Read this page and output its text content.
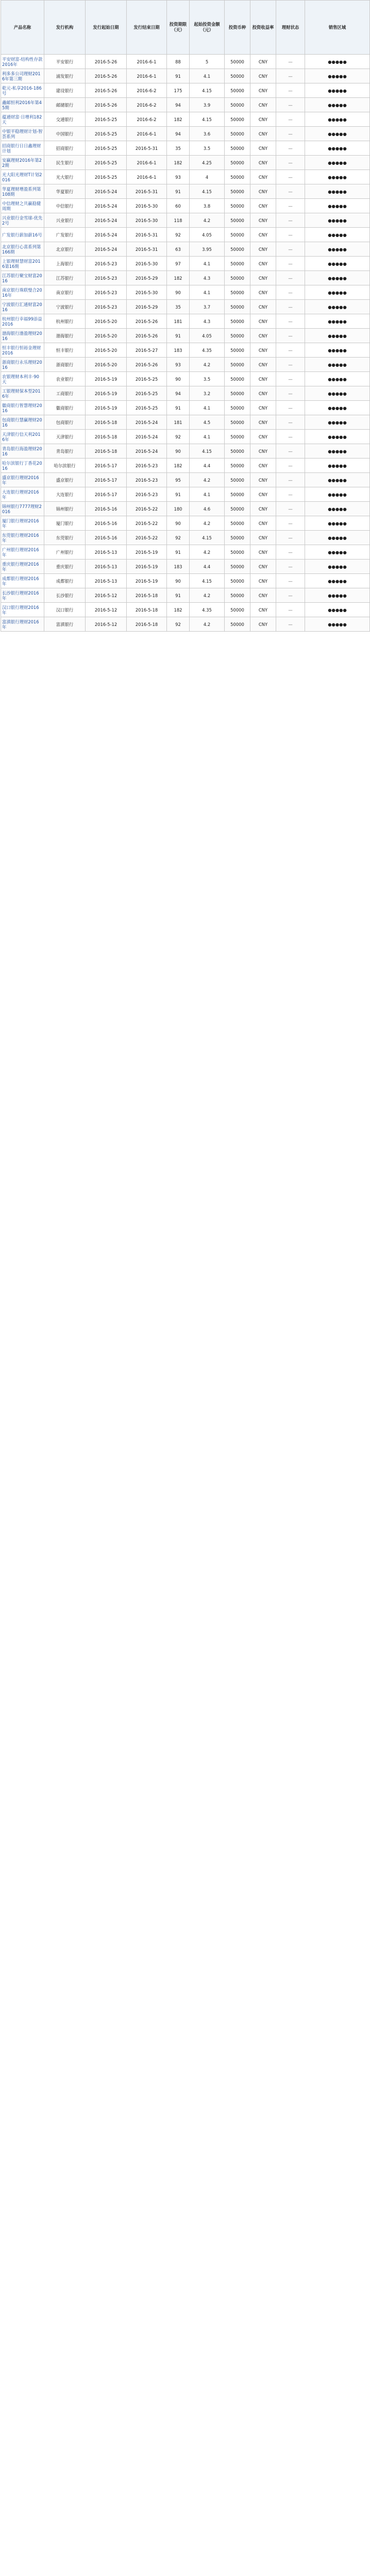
产品名称	发行机构	发行起始日期	发行结束日期	投资期限（天）	起始投资金额（元）	投资币种	投资收益率	理财状态	销售区域
平安财富-结构性存款2016年	平安银行	2016-5-26	2016-6-1	88	5	50000	CNY	—	●●●●●
利多多公司理财2016年第三期	浦发银行	2016-5-26	2016-6-1	91	4.1	50000	CNY	—	●●●●●
乾元-私享2016-186号	建设银行	2016-5-26	2016-6-2	175	4.15	50000	CNY	—	●●●●●
鑫邮恒利2016年第45期	邮储银行	2016-5-26	2016-6-2	94	3.9	50000	CNY	—	●●●●●
蕴通财富·日增利182天	交通银行	2016-5-25	2016-6-2	182	4.15	50000	CNY	—	●●●●●
中银平稳理财计划-智荟系列	中国银行	2016-5-25	2016-6-1	94	3.6	50000	CNY	—	●●●●●
招商银行日日鑫理财计划	招商银行	2016-5-25	2016-5-31	35	3.5	50000	CNY	—	●●●●●
安赢理财2016年第22期	民生银行	2016-5-25	2016-6-1	182	4.25	50000	CNY	—	●●●●●
光大阳光理财T计划2016	光大银行	2016-5-25	2016-6-1	93	4	50000	CNY	—	●●●●●
华夏理财增盈系列第108期	华夏银行	2016-5-24	2016-5-31	91	4.15	50000	CNY	—	●●●●●
中信理财之共赢稳健周期	中信银行	2016-5-24	2016-5-30	60	3.8	50000	CNY	—	●●●●●
兴业银行金雪球-优先2号	兴业银行	2016-5-24	2016-5-30	118	4.2	50000	CNY	—	●●●●●
广发银行薪加薪16号	广发银行	2016-5-24	2016-5-31	92	4.05	50000	CNY	—	●●●●●
北京银行心喜系列第166期	北京银行	2016-5-24	2016-5-31	63	3.95	50000	CNY	—	●●●●●
上银理财慧财富2016第16期	上海银行	2016-5-23	2016-5-30	97	4.1	50000	CNY	—	●●●●●
江苏银行聚宝财富2016	江苏银行	2016-5-23	2016-5-29	182	4.3	50000	CNY	—	●●●●●
南京银行珠联璧合2016年	南京银行	2016-5-23	2016-5-30	90	4.1	50000	CNY	—	●●●●●
宁波银行汇通财富2016	宁波银行	2016-5-23	2016-5-29	35	3.7	50000	CNY	—	●●●●●
杭州银行幸福99添益2016	杭州银行	2016-5-20	2016-5-26	181	4.3	50000	CNY	—	●●●●●
渤海银行渤盈理财2016	渤海银行	2016-5-20	2016-5-26	91	4.05	50000	CNY	—	●●●●●
恒丰银行恒裕金理财2016	恒丰银行	2016-5-20	2016-5-27	183	4.35	50000	CNY	—	●●●●●
浙商银行永乐理财2016	浙商银行	2016-5-20	2016-5-26	93	4.2	50000	CNY	—	●●●●●
农银理财本利丰·90天	农业银行	2016-5-19	2016-5-25	90	3.5	50000	CNY	—	●●●●●
工银理财保本型2016年	工商银行	2016-5-19	2016-5-25	94	3.2	50000	CNY	—	●●●●●
徽商银行智慧理财2016	徽商银行	2016-5-19	2016-5-25	91	4.1	50000	CNY	—	●●●●●
包商银行慧赢理财2016	包商银行	2016-5-18	2016-5-24	181	4.5	50000	CNY	—	●●●●●
天津银行信天利2016年	天津银行	2016-5-18	2016-5-24	92	4.1	50000	CNY	—	●●●●●
青岛银行海盈理财2016	青岛银行	2016-5-18	2016-5-24	90	4.15	50000	CNY	—	●●●●●
哈尔滨银行丁香花2016	哈尔滨银行	2016-5-17	2016-5-23	182	4.4	50000	CNY	—	●●●●●
盛京银行理财2016年	盛京银行	2016-5-17	2016-5-23	95	4.2	50000	CNY	—	●●●●●
大连银行理财2016年	大连银行	2016-5-17	2016-5-23	91	4.1	50000	CNY	—	●●●●●
锦州银行7777理财2016	锦州银行	2016-5-16	2016-5-22	180	4.6	50000	CNY	—	●●●●●
厦门银行理财2016年	厦门银行	2016-5-16	2016-5-22	90	4.2	50000	CNY	—	●●●●●
东莞银行理财2016年	东莞银行	2016-5-16	2016-5-22	92	4.15	50000	CNY	—	●●●●●
广州银行理财2016年	广州银行	2016-5-13	2016-5-19	91	4.2	50000	CNY	—	●●●●●
重庆银行理财2016年	重庆银行	2016-5-13	2016-5-19	183	4.4	50000	CNY	—	●●●●●
成都银行理财2016年	成都银行	2016-5-13	2016-5-19	90	4.15	50000	CNY	—	●●●●●
长沙银行理财2016年	长沙银行	2016-5-12	2016-5-18	91	4.2	50000	CNY	—	●●●●●
汉口银行理财2016年	汉口银行	2016-5-12	2016-5-18	182	4.35	50000	CNY	—	●●●●●
富滇银行理财2016年	富滇银行	2016-5-12	2016-5-18	92	4.2	50000	CNY	—	●●●●●
